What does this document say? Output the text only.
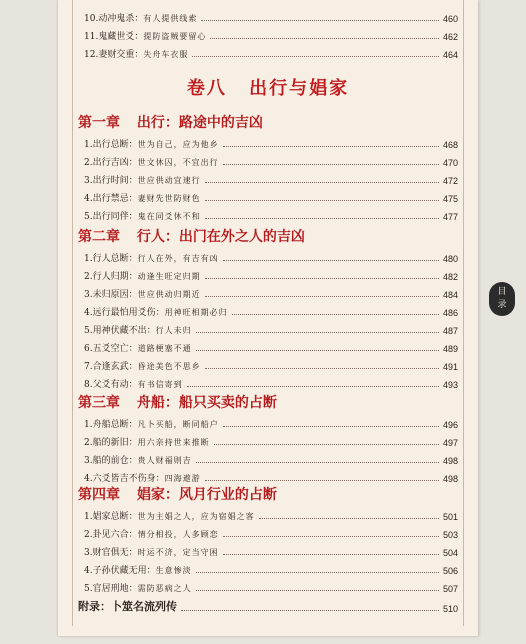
10. 动冲鬼杀： 有人提供线索	460
11. 鬼藏世爻： 提防盗贼要留心	462
12. 妻财交重： 失舟车衣服	464
卷八 出行与娼家
第一章 出行：路途中的吉凶
1. 出行总断： 世为自己，应为他乡	468
2. 出行吉凶： 世文休囚，不宜出行	470
3. 出行时间： 世应供动宜速行	472
4. 出行禁忌： 妻财先世防财色	475
5. 出行同伴： 鬼在同爻休不和	477
第二章 行人：出门在外之人的吉凶
1. 行人总断： 行人在外，有吉有凶	480
2. 行人归期： 动逢生旺定归期	482
3. 未归原因： 世应供动归期近	484
4. 远行最怕用爻伤： 用神旺相期必归	486
5. 用神伏藏不出： 行人未归	487
6. 五爻空亡： 道路梗塞不通	489
7. 合逢玄武： 昏途美色不思乡	491
8. 父爻有动： 有书信寄到	493
第三章 舟船：船只买卖的占断
1. 舟船总断： 凡卜买船，断同船户	496
2. 船的新旧： 用六亲持世来推断	497
3. 船的前仓： 贵人财福则吉	498
4. 六爻皆吉不伤身： 四海遨游	498
第四章 娼家：风月行业的占断
1. 娼家总断： 世为主娼之人，应为宿娼之客	501
2. 卦见六合： 情分相投，人多顾恋	503
3. 财官俱无： 时运不济，定当守困	504
4. 子孙伏藏无用： 生意惨淡	506
5. 官居刑地： 需防恶病之人	507
附录：卜筮名流列传	510
目
录
